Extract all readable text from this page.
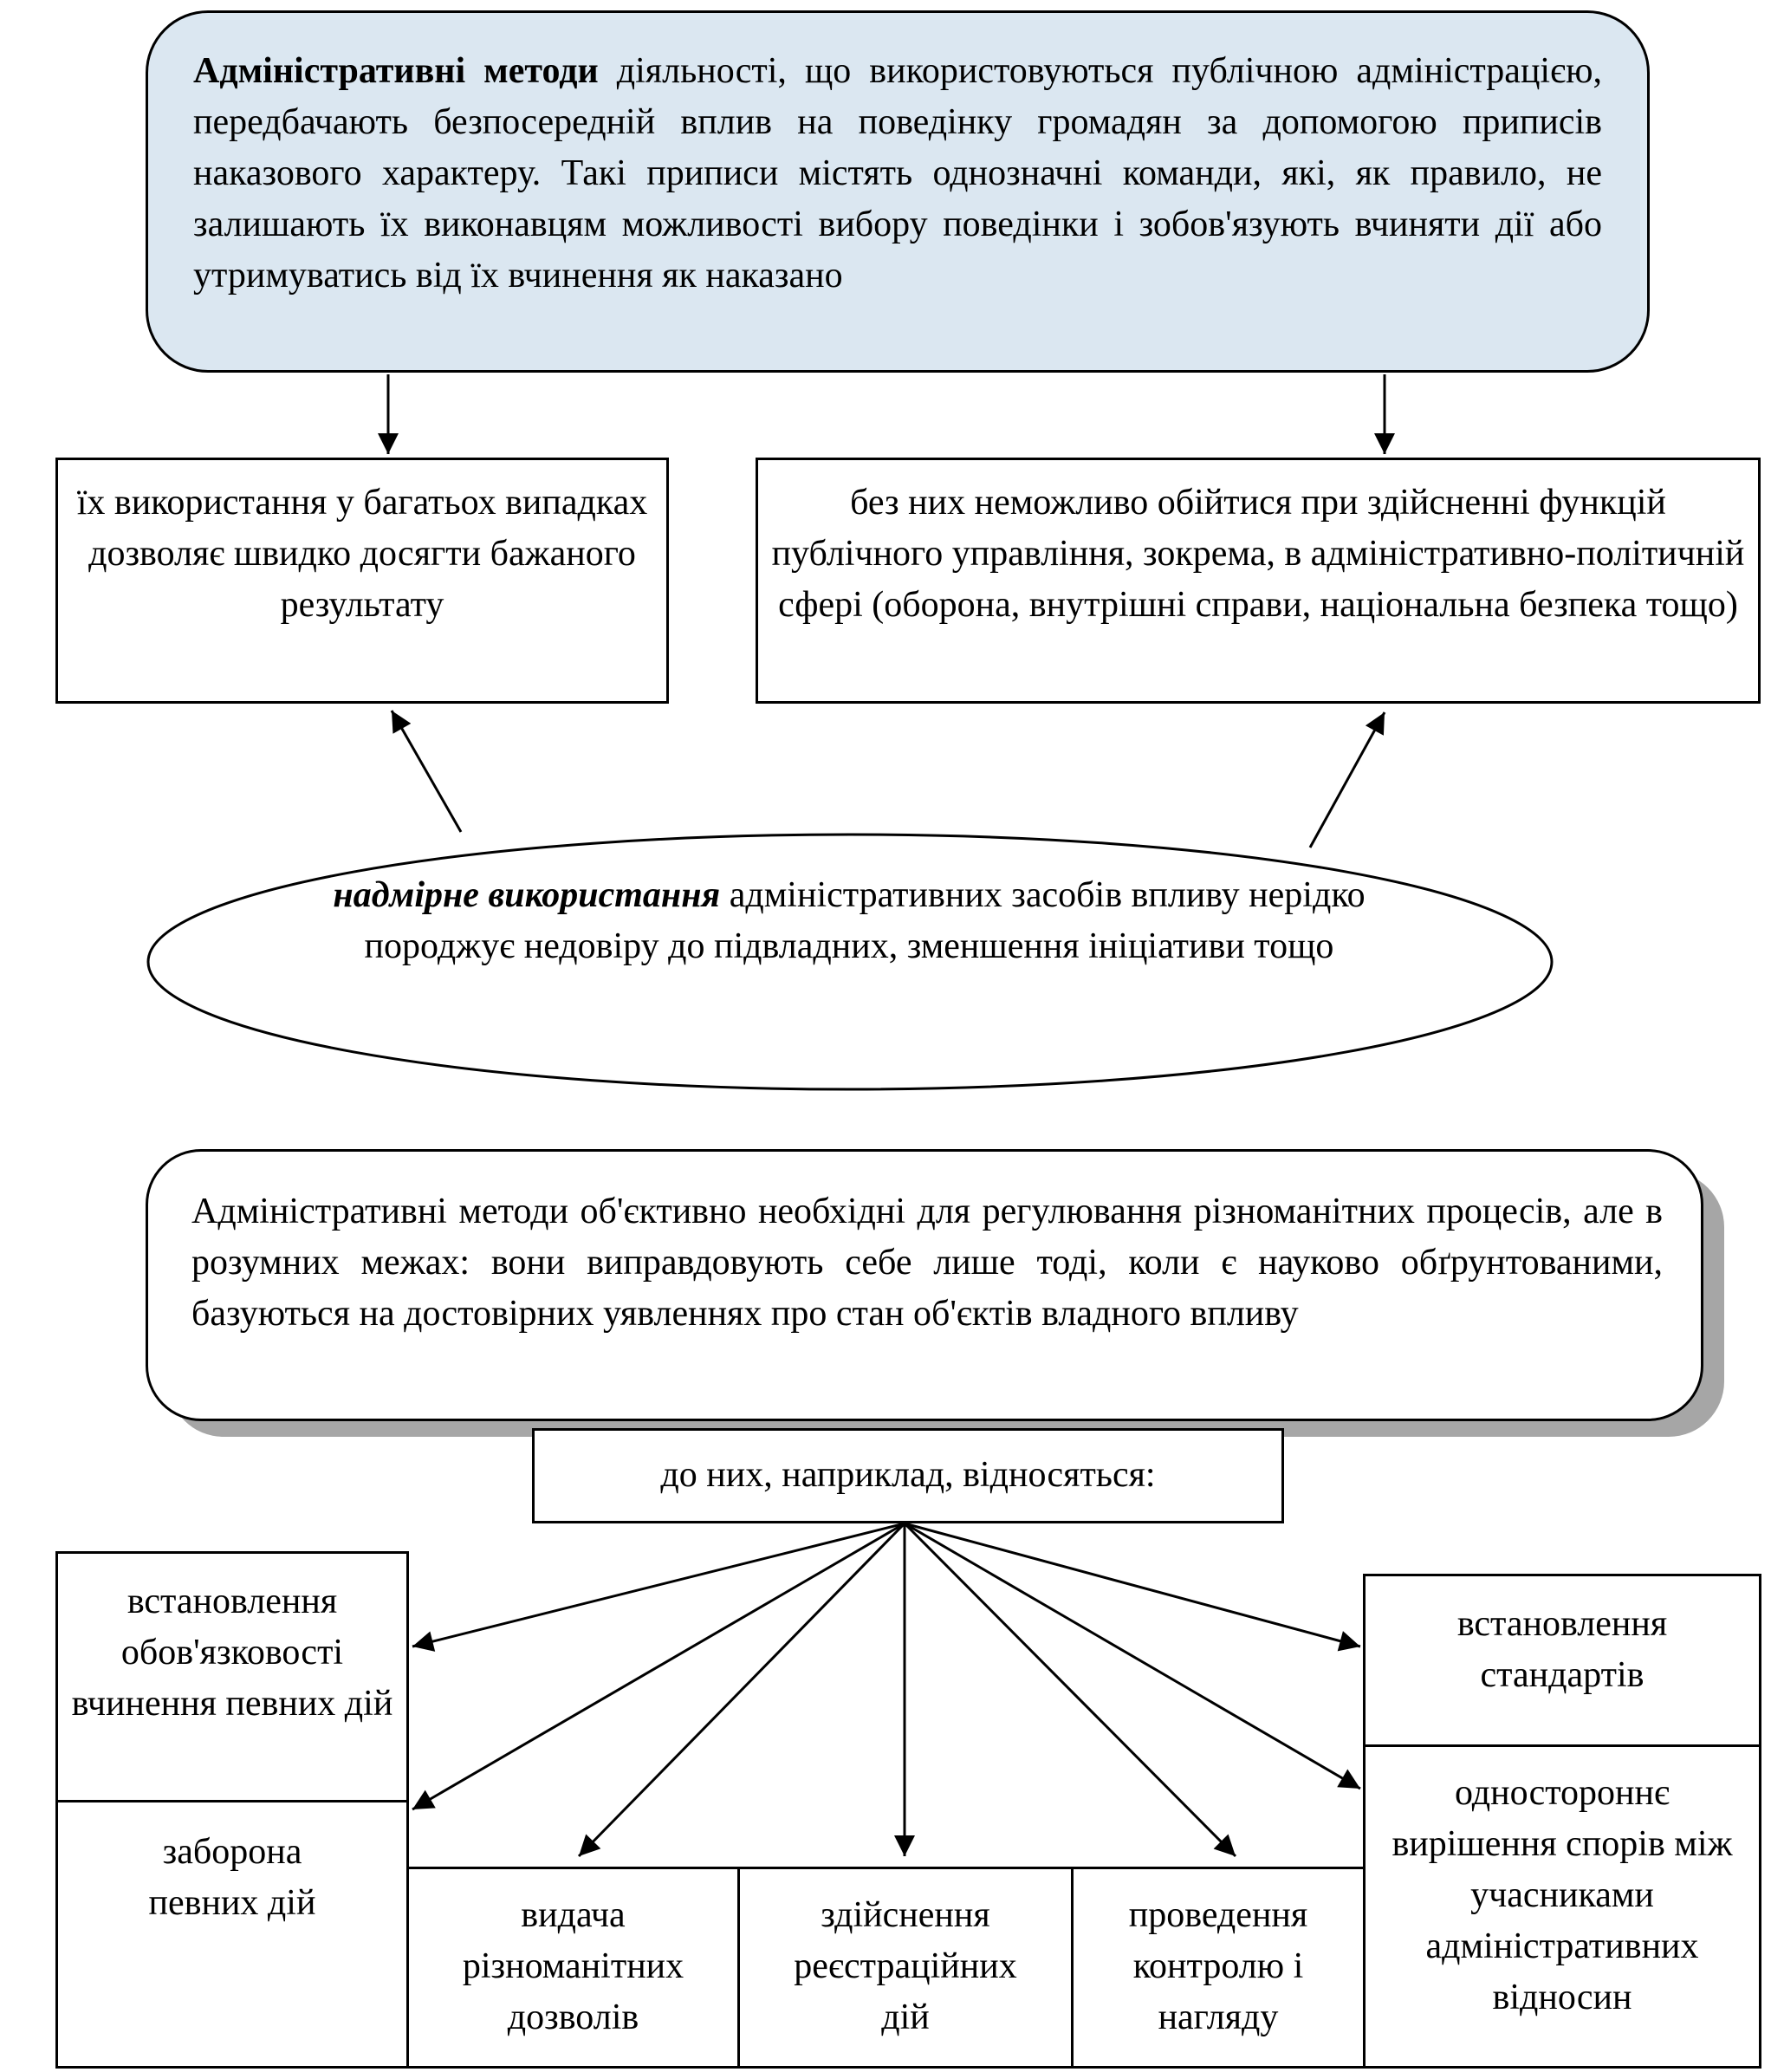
Адміністративні методи діяльності, що використовуються публічною адміністрацією, передбачають безпосередній вплив на поведінку громадян за допомогою приписів наказового характеру. Такі приписи містять однозначні команди, які, як правило, не залишають їх виконавцям можливості вибору поведінки і зобов'язують вчиняти дії або утримуватись від їх вчинення як наказано
їх використання у багатьох випадках дозволяє швидко досягти бажаного результату
без них неможливо обійтися при здійсненні функцій публічного управління, зокрема, в адміністративно-політичній сфері (оборона, внутрішні справи, національна безпека тощо)
надмірне використання адміністративних засобів впливу нерідко породжує недовіру до підвладних, зменшення ініціативи тощо
Адміністративні методи об'єктивно необхідні для регулювання різноманітних процесів, але в розумних межах: вони виправдовують себе лише тоді, коли є науково обґрунтованими, базуються на достовірних уявленнях про стан об'єктів владного впливу
до них, наприклад, відносяться:
встановлення обов'язковості вчинення певних дій
заборона певних дій	видача різноманітних дозволів
здійснення реєстраційних дій
проведення контролю і нагляду
встановлення стандартів
одностороннє вирішення спорів між учасниками адміністративних відносин
